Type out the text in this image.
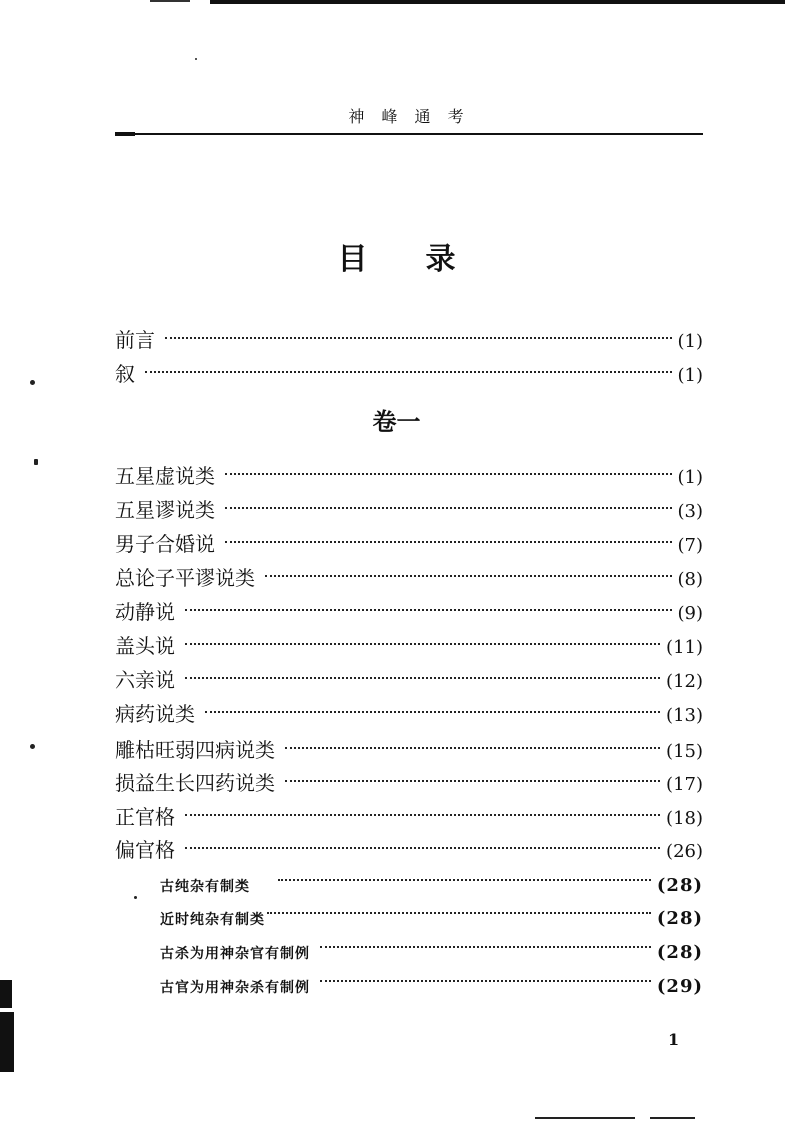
神 峰 通 考
目 录
前言	(1)
叙	(1)
卷一
五星虚说类	(1)
五星谬说类	(3)
男子合婚说	(7)
总论子平谬说类	(8)
动静说	(9)
盖头说	(11)
六亲说	(12)
病药说类	(13)
雕枯旺弱四病说类	(15)
损益生长四药说类	(17)
正官格	(18)
偏官格	(26)
古纯杂有制类	(28)
近时纯杂有制类	(28)
古杀为用神杂官有制例	(28)
古官为用神杂杀有制例	(29)
1
